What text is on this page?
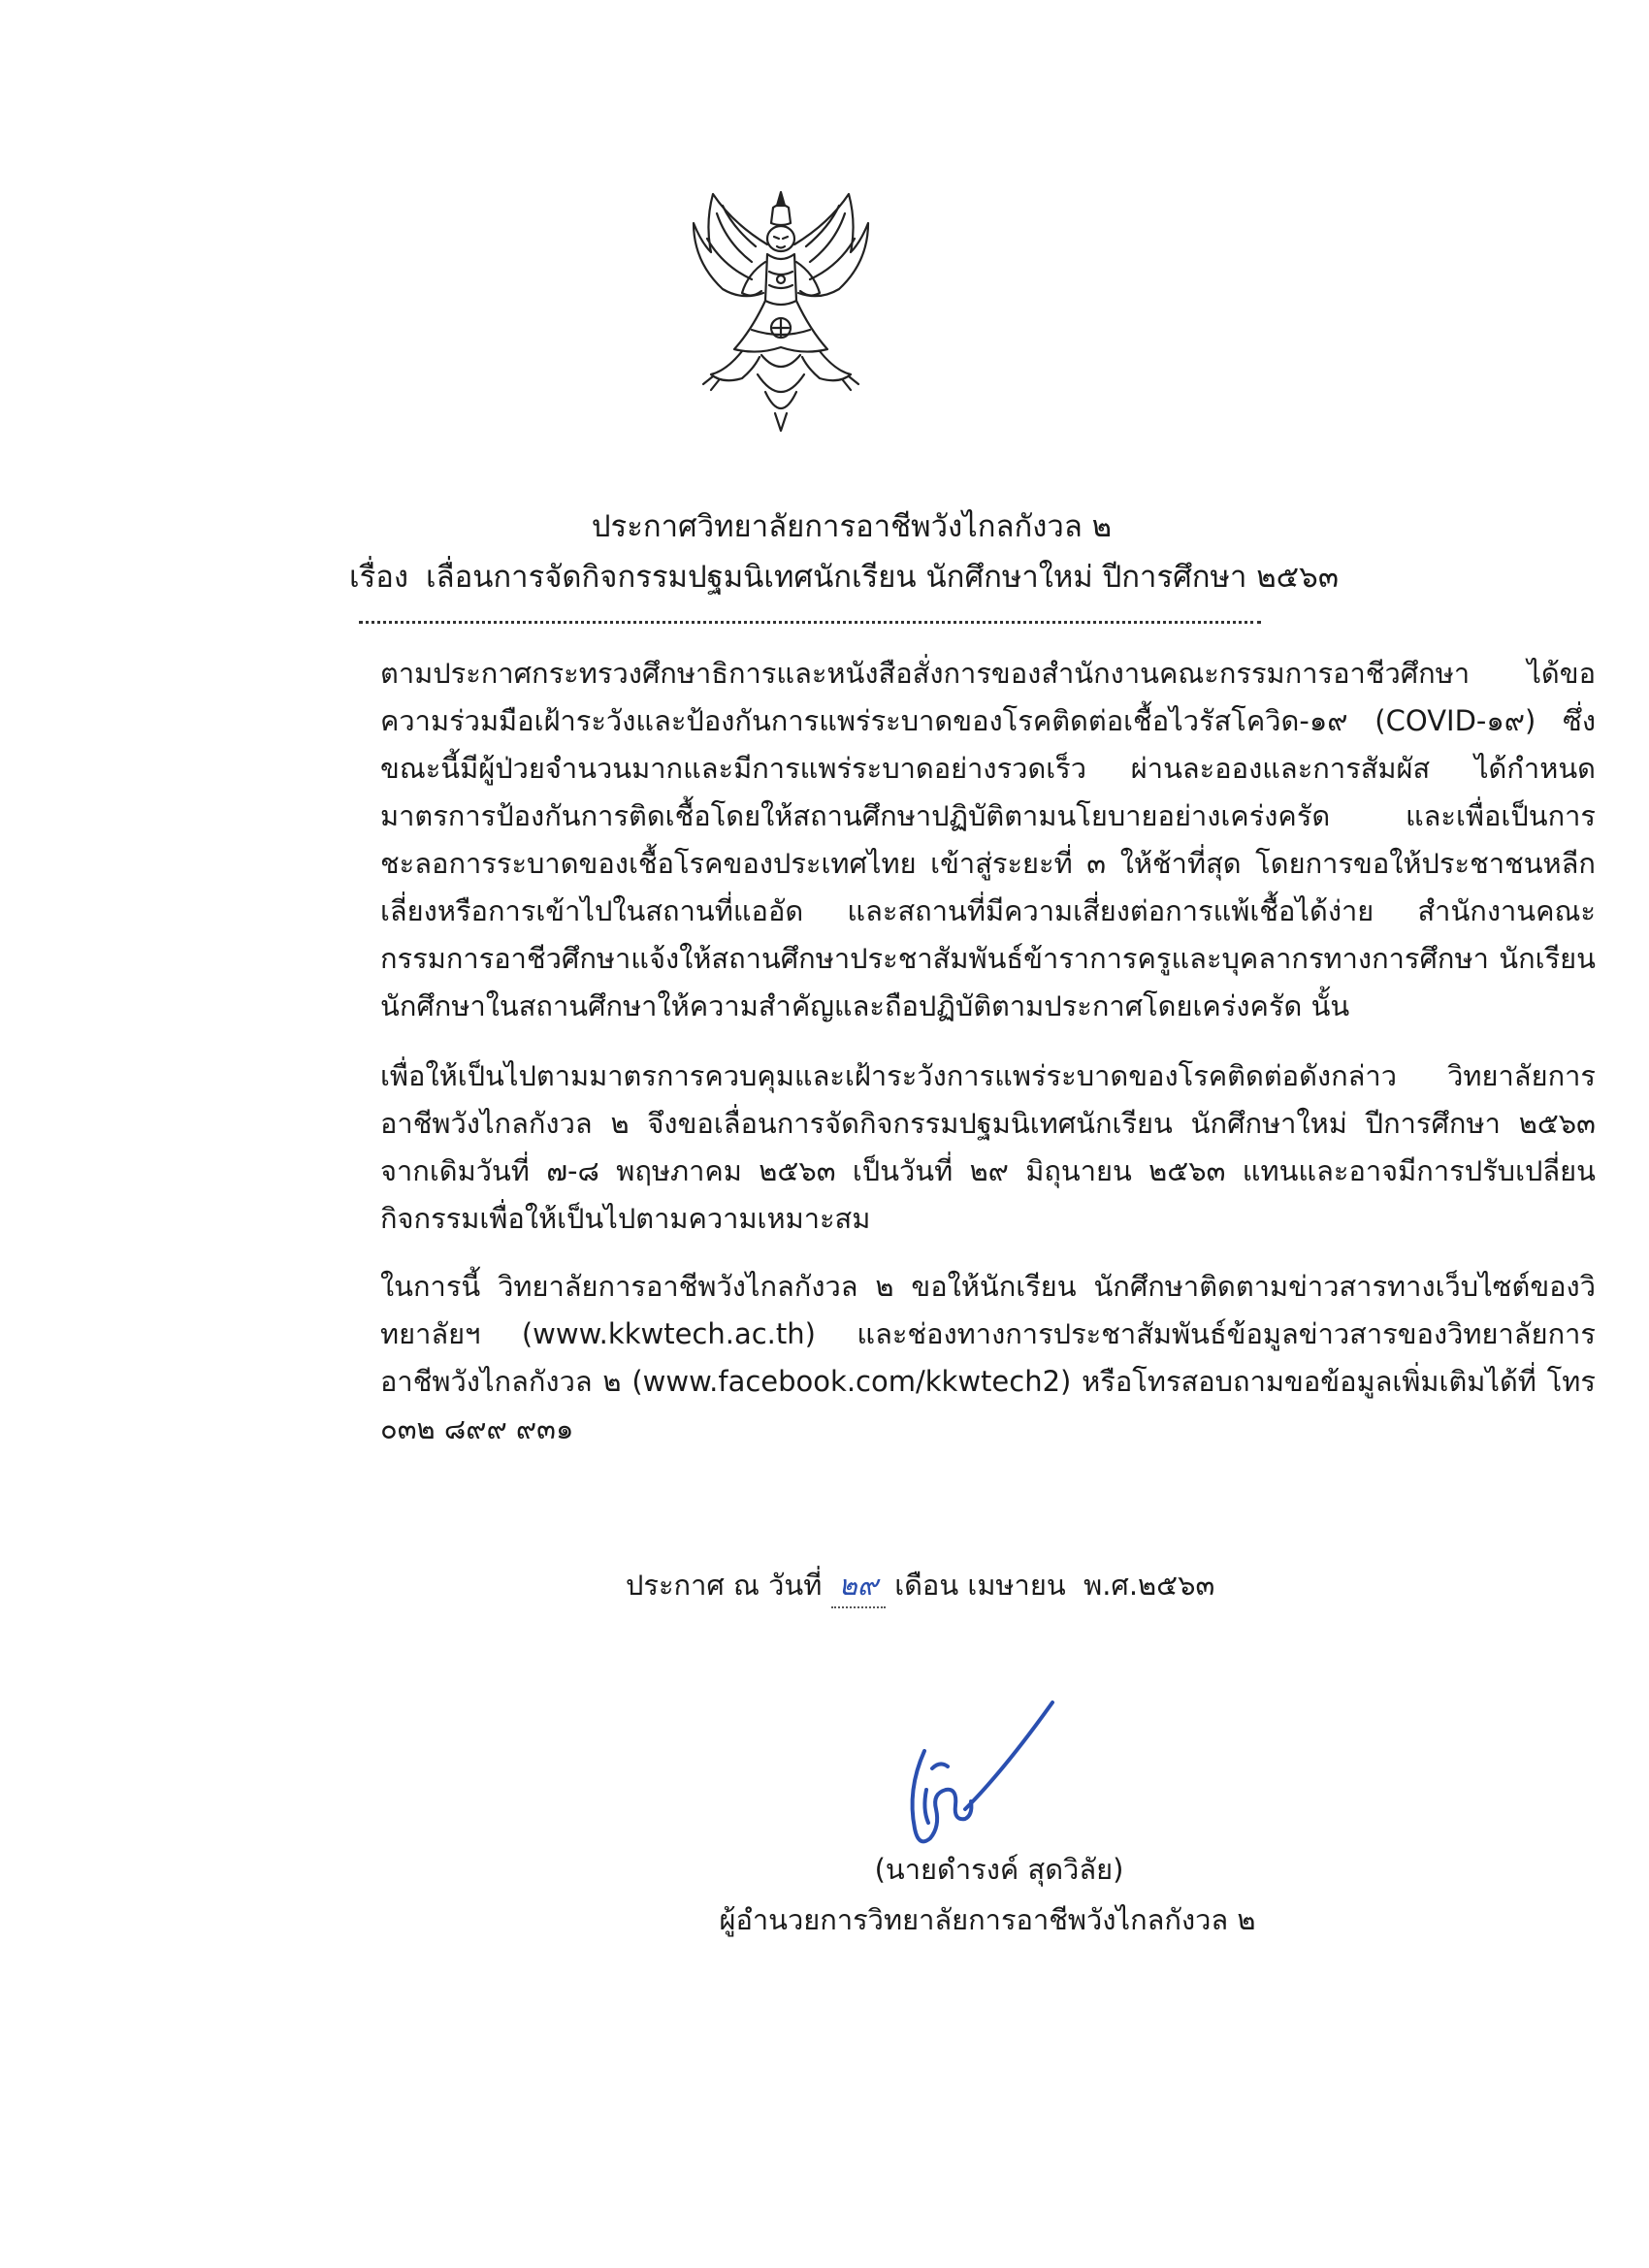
ประกาศวิทยาลัยการอาชีพวังไกลกังวล ๒
เรื่อง เลื่อนการจัดกิจกรรมปฐมนิเทศนักเรียน นักศึกษาใหม่ ปีการศึกษา ๒๕๖๓

ตามประกาศกระทรวงศึกษาธิการและหนังสือสั่งการของสำนักงานคณะกรรมการอาชีวศึกษา ได้ขอความร่วมมือเฝ้าระวังและป้องกันการแพร่ระบาดของโรคติดต่อเชื้อไวรัสโควิด-๑๙ (COVID-๑๙) ซึ่งขณะนี้มีผู้ป่วยจำนวนมากและมีการแพร่ระบาดอย่างรวดเร็ว ผ่านละอองและการสัมผัส ได้กำหนดมาตรการป้องกันการติดเชื้อโดยให้สถานศึกษาปฏิบัติตามนโยบายอย่างเคร่งครัด และเพื่อเป็นการชะลอการระบาดของเชื้อโรคของประเทศไทย เข้าสู่ระยะที่ ๓ ให้ช้าที่สุด โดยการขอให้ประชาชนหลีกเลี่ยงหรือการเข้าไปในสถานที่แออัด และสถานที่มีความเสี่ยงต่อการแพ้เชื้อได้ง่าย สำนักงานคณะกรรมการอาชีวศึกษาแจ้งให้สถานศึกษาประชาสัมพันธ์ข้าราการครูและบุคลากรทางการศึกษา นักเรียน นักศึกษาในสถานศึกษาให้ความสำคัญและถือปฏิบัติตามประกาศโดยเคร่งครัด นั้น

เพื่อให้เป็นไปตามมาตรการควบคุมและเฝ้าระวังการแพร่ระบาดของโรคติดต่อดังกล่าว วิทยาลัยการอาชีพวังไกลกังวล ๒ จึงขอเลื่อนการจัดกิจกรรมปฐมนิเทศนักเรียน นักศึกษาใหม่ ปีการศึกษา ๒๕๖๓ จากเดิมวันที่ ๗-๘ พฤษภาคม ๒๕๖๓ เป็นวันที่ ๒๙ มิถุนายน ๒๕๖๓ แทนและอาจมีการปรับเปลี่ยนกิจกรรมเพื่อให้เป็นไปตามความเหมาะสม

ในการนี้ วิทยาลัยการอาชีพวังไกลกังวล ๒ ขอให้นักเรียน นักศึกษาติดตามข่าวสารทางเว็บไซต์ของวิทยาลัยฯ (www.kkwtech.ac.th) และช่องทางการประชาสัมพันธ์ข้อมูลข่าวสารของวิทยาลัยการอาชีพวังไกลกังวล ๒ (www.facebook.com/kkwtech2) หรือโทรสอบถามขอข้อมูลเพิ่มเติมได้ที่ โทร ๐๓๒ ๘๙๙ ๙๓๑

ประกาศ ณ วันที่ ๒๙ เดือน เมษายน พ.ศ.๒๕๖๓
(นายดำรงค์ สุดวิลัย)
ผู้อำนวยการวิทยาลัยการอาชีพวังไกลกังวล ๒
